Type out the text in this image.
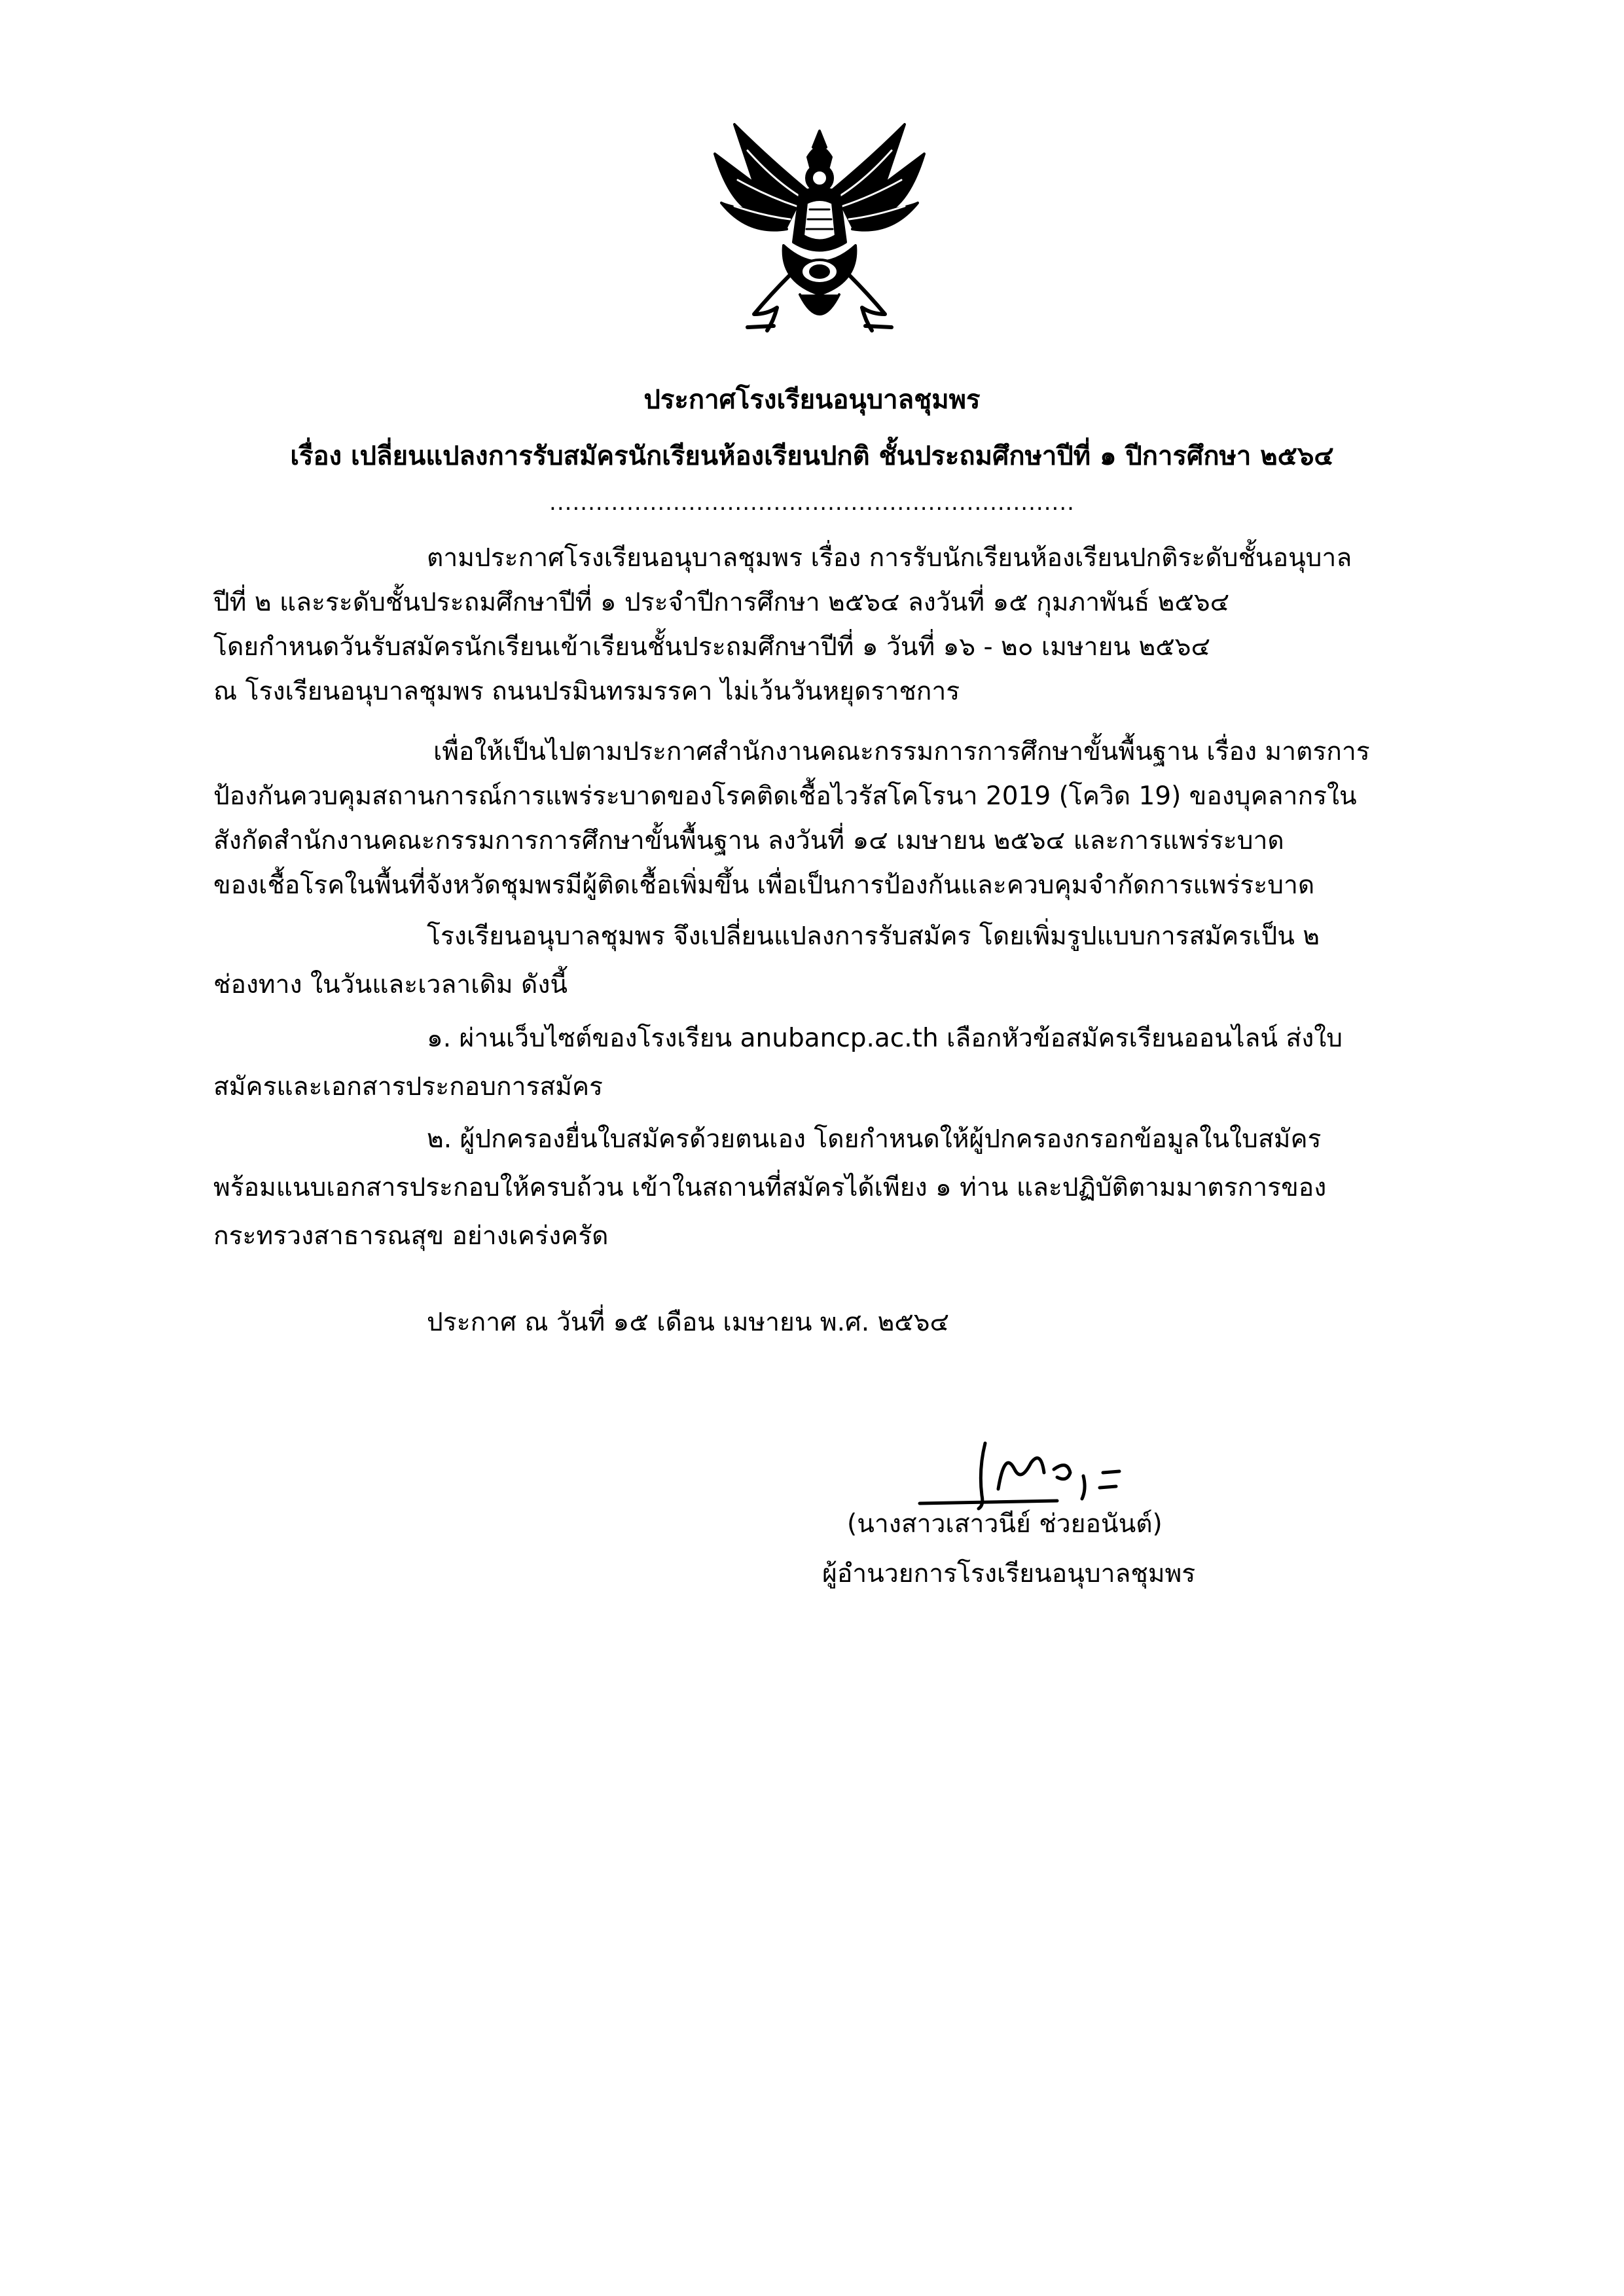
ประกาศโรงเรียนอนุบาลชุมพร
เรื่อง เปลี่ยนแปลงการรับสมัครนักเรียนห้องเรียนปกติ ชั้นประถมศึกษาปีที่ ๑ ปีการศึกษา ๒๕๖๔
....................................................................
ตามประกาศโรงเรียนอนุบาลชุมพร เรื่อง การรับนักเรียนห้องเรียนปกติระดับชั้นอนุบาล
ปีที่ ๒ และระดับชั้นประถมศึกษาปีที่ ๑ ประจำปีการศึกษา ๒๕๖๔ ลงวันที่ ๑๕ กุมภาพันธ์ ๒๕๖๔
โดยกำหนดวันรับสมัครนักเรียนเข้าเรียนชั้นประถมศึกษาปีที่ ๑ วันที่ ๑๖ - ๒๐ เมษายน ๒๕๖๔
ณ โรงเรียนอนุบาลชุมพร ถนนปรมินทรมรรคา ไม่เว้นวันหยุดราชการ
เพื่อให้เป็นไปตามประกาศสำนักงานคณะกรรมการการศึกษาขั้นพื้นฐาน เรื่อง มาตรการ
ป้องกันควบคุมสถานการณ์การแพร่ระบาดของโรคติดเชื้อไวรัสโคโรนา 2019 (โควิด 19) ของบุคลากรใน
สังกัดสำนักงานคณะกรรมการการศึกษาขั้นพื้นฐาน ลงวันที่ ๑๔ เมษายน ๒๕๖๔ และการแพร่ระบาด
ของเชื้อโรคในพื้นที่จังหวัดชุมพรมีผู้ติดเชื้อเพิ่มขึ้น เพื่อเป็นการป้องกันและควบคุมจำกัดการแพร่ระบาด
โรงเรียนอนุบาลชุมพร จึงเปลี่ยนแปลงการรับสมัคร โดยเพิ่มรูปแบบการสมัครเป็น ๒
ช่องทาง ในวันและเวลาเดิม ดังนี้
๑. ผ่านเว็บไซต์ของโรงเรียน anubancp.ac.th เลือกหัวข้อสมัครเรียนออนไลน์ ส่งใบ
สมัครและเอกสารประกอบการสมัคร
๒. ผู้ปกครองยื่นใบสมัครด้วยตนเอง โดยกำหนดให้ผู้ปกครองกรอกข้อมูลในใบสมัคร
พร้อมแนบเอกสารประกอบให้ครบถ้วน เข้าในสถานที่สมัครได้เพียง ๑ ท่าน และปฏิบัติตามมาตรการของ
กระทรวงสาธารณสุข อย่างเคร่งครัด
ประกาศ ณ วันที่ ๑๕ เดือน เมษายน พ.ศ. ๒๕๖๔
(นางสาวเสาวนีย์ ช่วยอนันต์)
ผู้อำนวยการโรงเรียนอนุบาลชุมพร
